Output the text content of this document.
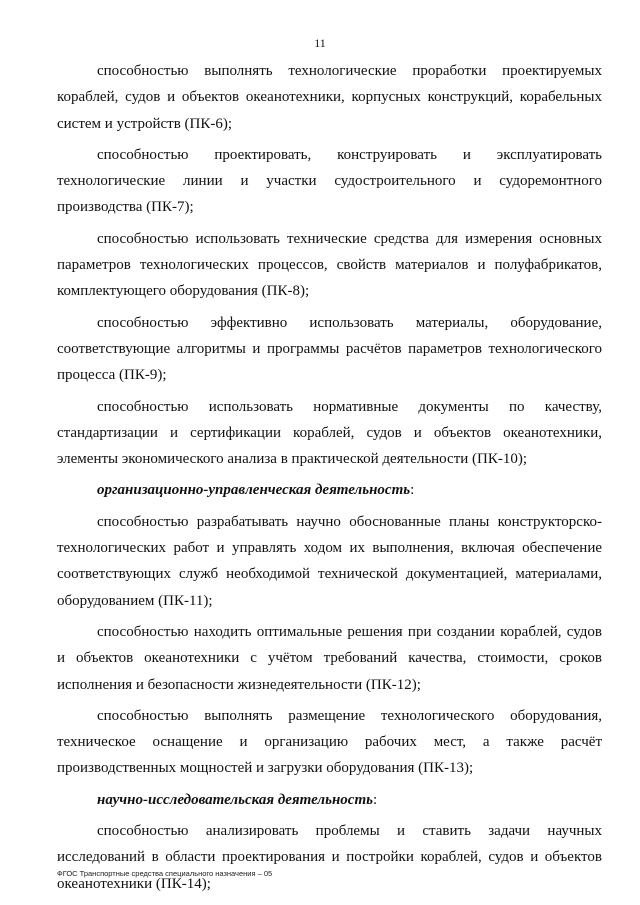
11

способностью выполнять технологические проработки проектируемых кораблей, судов и объектов океанотехники, корпусных конструкций, корабельных систем и устройств (ПК-6);

способностью проектировать, конструировать и эксплуатировать технологические линии и участки судостроительного и судоремонтного производства (ПК-7);

способностью использовать технические средства для измерения основных параметров технологических процессов, свойств материалов и полуфабрикатов, комплектующего оборудования (ПК-8);

способностью эффективно использовать материалы, оборудование, соответствующие алгоритмы и программы расчётов параметров технологического процесса (ПК-9);

способностью использовать нормативные документы по качеству, стандартизации и сертификации кораблей, судов и объектов океанотехники, элементы экономического анализа в практической деятельности (ПК-10);

организационно-управленческая деятельность:

способностью разрабатывать научно обоснованные планы конструкторско-технологических работ и управлять ходом их выполнения, включая обеспечение соответствующих служб необходимой технической документацией, материалами, оборудованием (ПК-11);

способностью находить оптимальные решения при создании кораблей, судов и объектов океанотехники с учётом требований качества, стоимости, сроков исполнения и безопасности жизнедеятельности (ПК-12);

способностью выполнять размещение технологического оборудования, техническое оснащение и организацию рабочих мест, а также расчёт производственных мощностей и загрузки оборудования (ПК-13);

научно-исследовательская деятельность:

способностью анализировать проблемы и ставить задачи научных исследований в области проектирования и постройки кораблей, судов и объектов океанотехники (ПК-14);

ФГОС Транспортные средства специального назначения – 05
